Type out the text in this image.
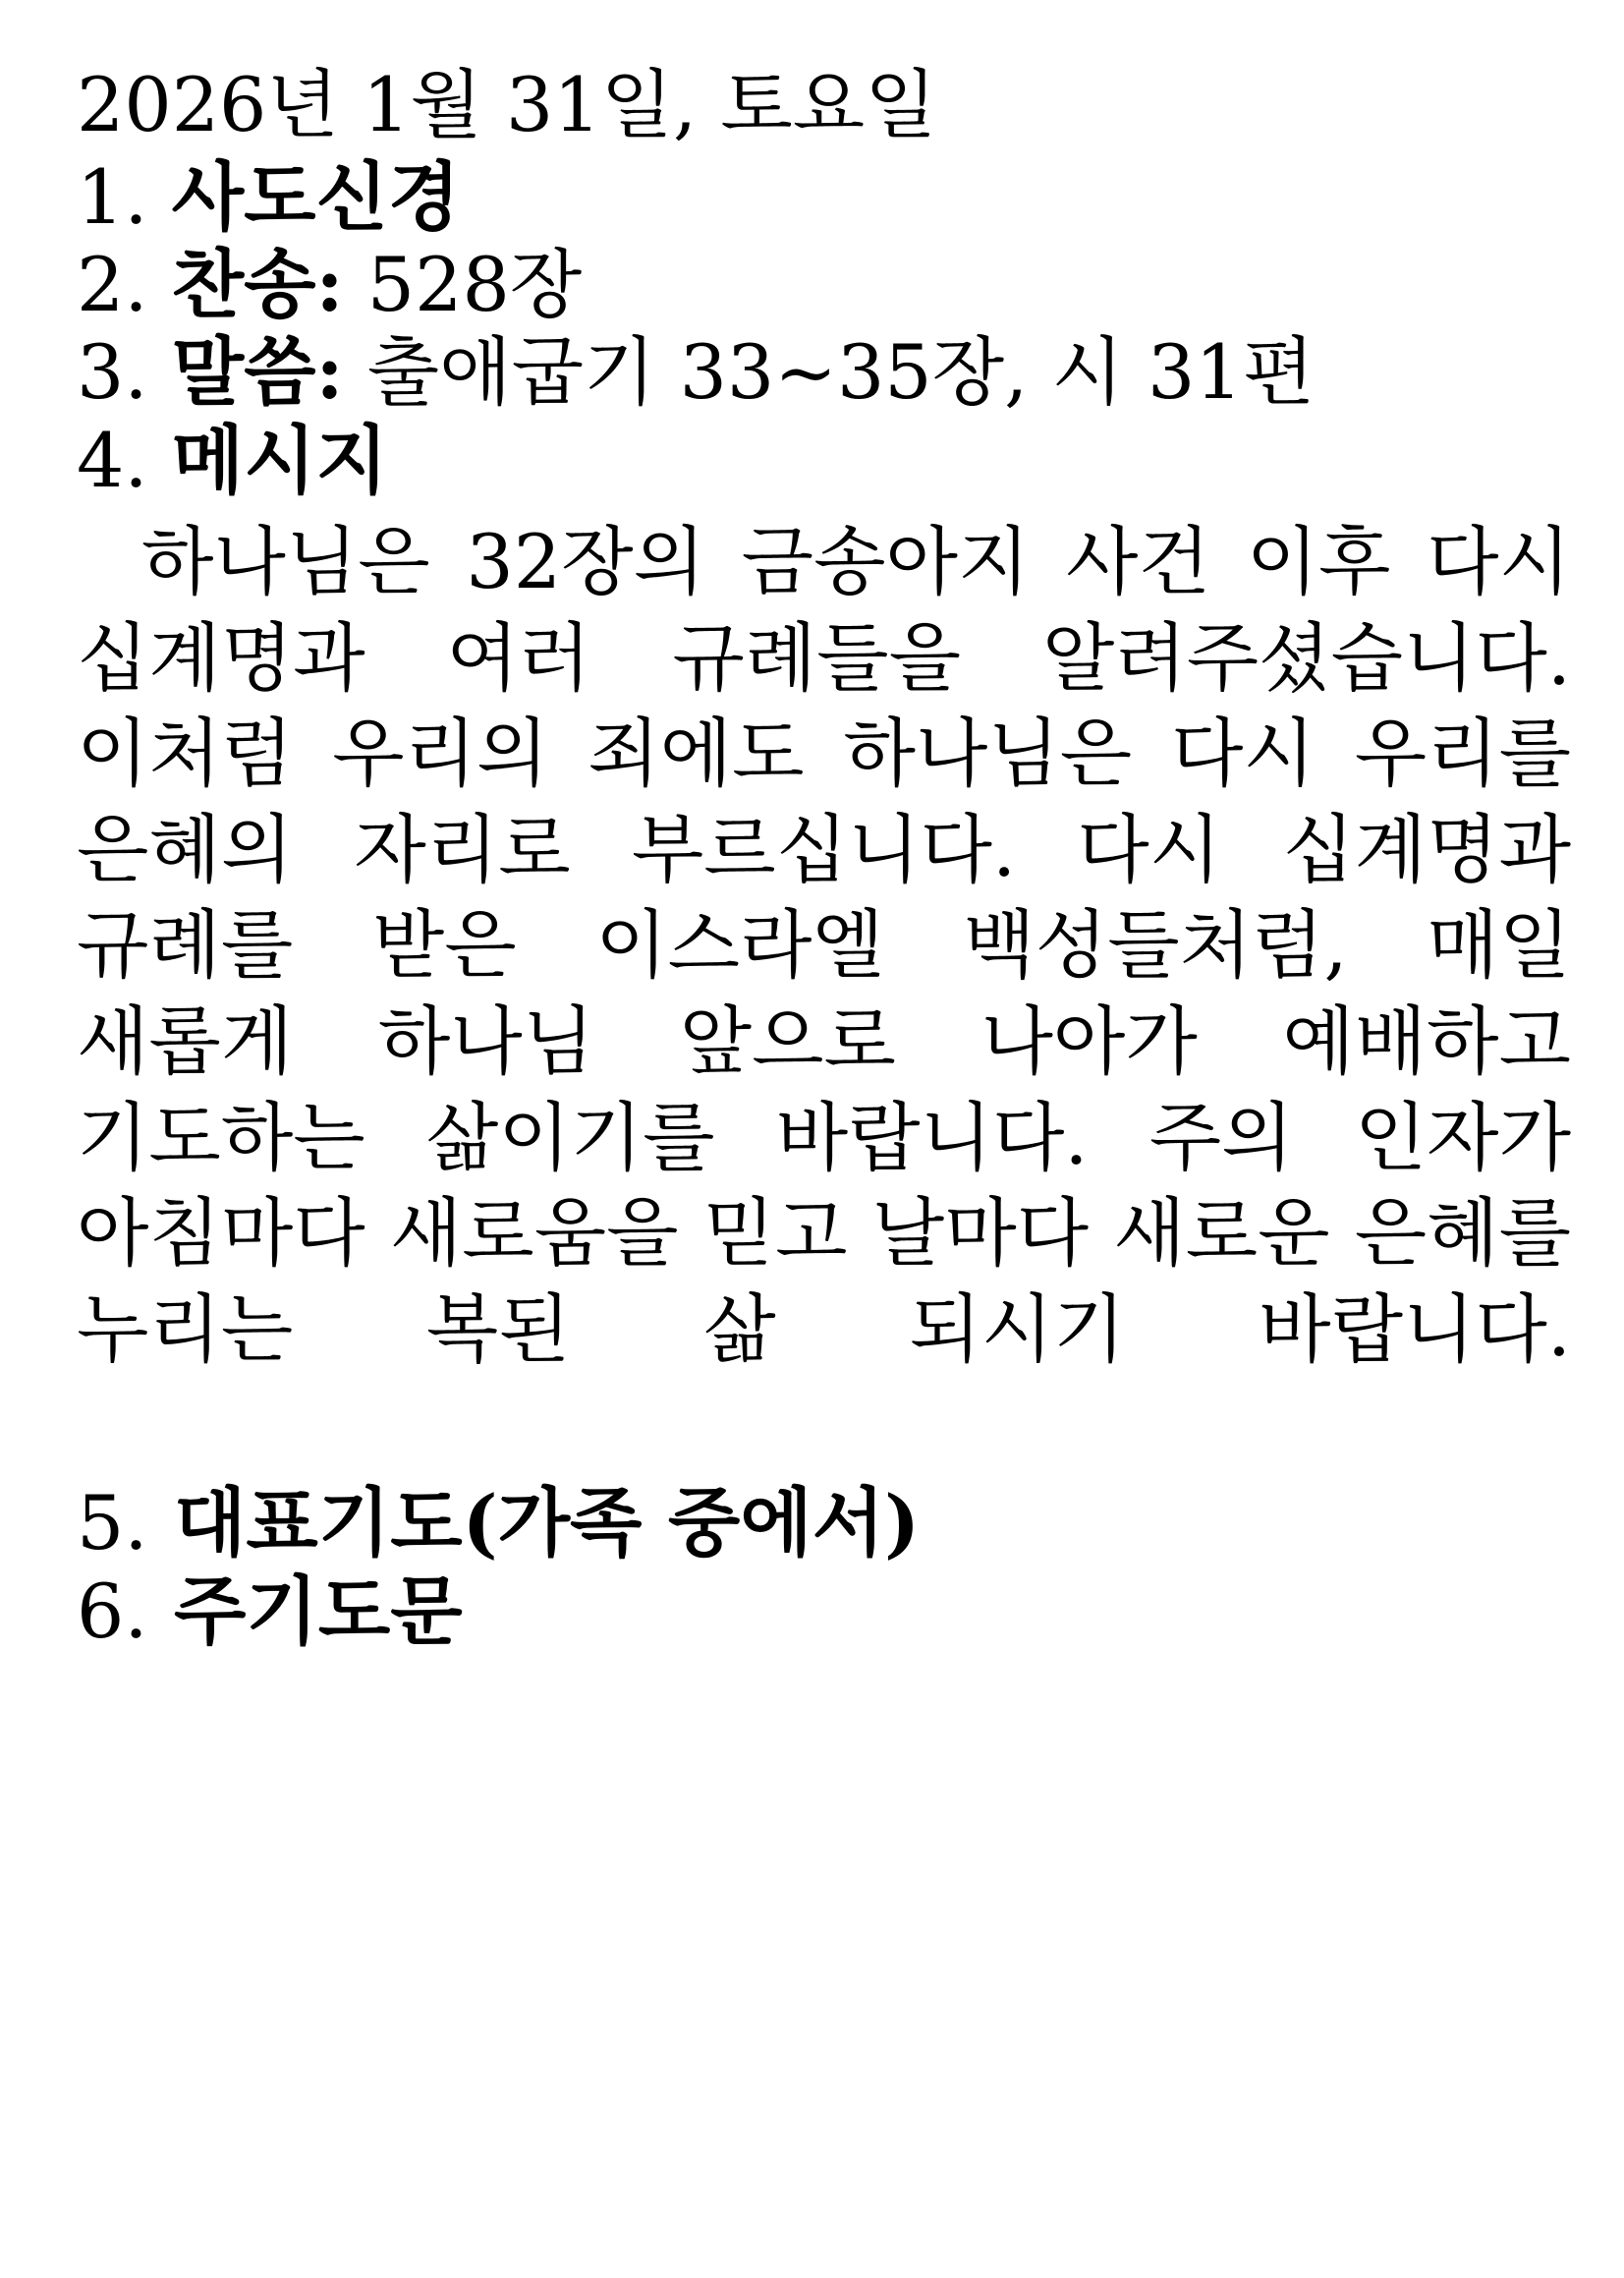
2026년 1월 31일, 토요일
1. 사도신경
2. 찬송: 528장
3. 말씀: 출애굽기 33~35장, 시 31편
4. 메시지
하나님은 32장의 금송아지 사건 이후 다시 십계명과 여러 규례들을 알려주셨습니다. 이처럼 우리의 죄에도 하나님은 다시 우리를 은혜의 자리로 부르십니다. 다시 십계명과 규례를 받은 이스라엘 백성들처럼, 매일 새롭게 하나님 앞으로 나아가 예배하고 기도하는 삶이기를 바랍니다. 주의 인자가 아침마다 새로움을 믿고 날마다 새로운 은혜를 누리는 복된 삶 되시기 바랍니다.
5. 대표기도(가족 중에서)
6. 주기도문
